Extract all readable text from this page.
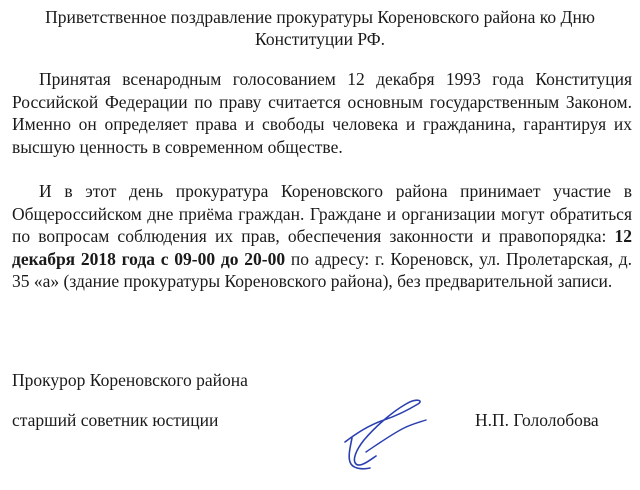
Приветственное поздравление прокуратуры Кореновского района ко Дню Конституции РФ.

Принятая всенародным голосованием 12 декабря 1993 года Конституция Российской Федерации по праву считается основным государственным Законом. Именно он определяет права и свободы человека и гражданина, гарантируя их высшую ценность в современном обществе.

И в этот день прокуратура Кореновского района принимает участие в Общероссийском дне приёма граждан. Граждане и организации могут обратиться по вопросам соблюдения их прав, обеспечения законности и правопорядка: 12 декабря 2018 года с 09-00 до 20-00 по адресу: г. Кореновск, ул. Пролетарская, д. 35 «а» (здание прокуратуры Кореновского района), без предварительной записи.

Прокурор Кореновского района

старший советник юстиции	Н.П. Гололобова
